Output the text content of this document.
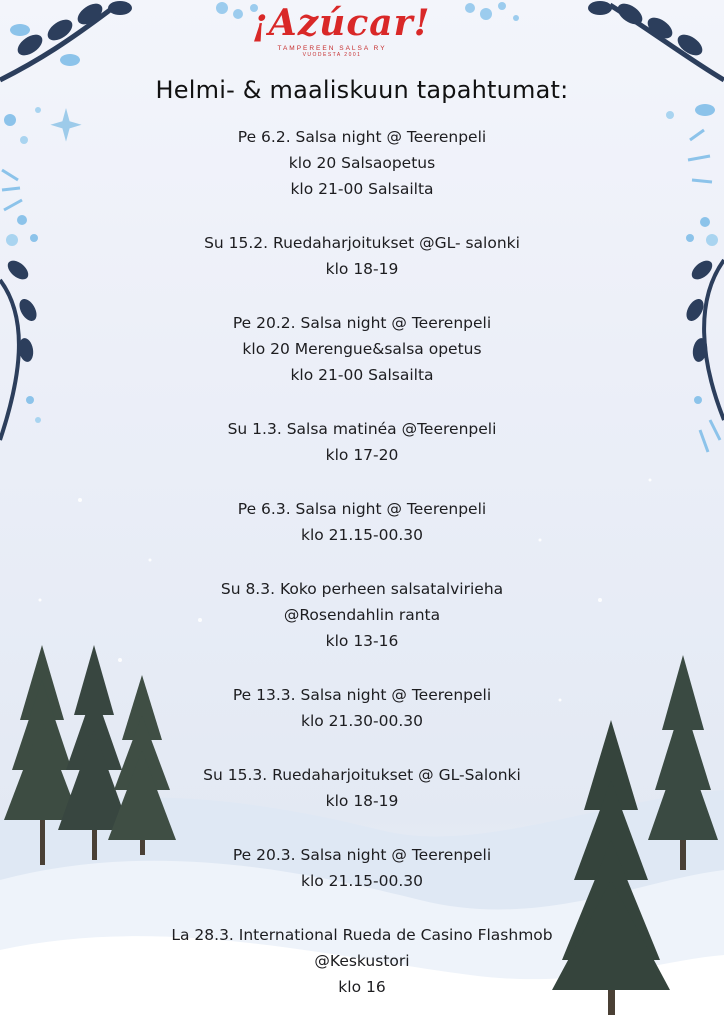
¡Azúcar!
TAMPEREEN SALSA RY
VUODESTA 2001
Helmi- & maaliskuun tapahtumat:
Pe 6.2. Salsa night @ Teerenpeli
klo 20 Salsaopetus
klo 21-00 Salsailta
Su 15.2. Ruedaharjoitukset @GL- salonki
klo 18-19
Pe 20.2. Salsa night @ Teerenpeli
klo 20 Merengue&salsa opetus
klo 21-00 Salsailta
Su 1.3. Salsa matinéa @Teerenpeli
klo 17-20
Pe 6.3. Salsa night @ Teerenpeli
klo 21.15-00.30
Su 8.3. Koko perheen salsatalvirieha
@Rosendahlin ranta
klo 13-16
Pe 13.3. Salsa night @ Teerenpeli
klo 21.30-00.30
Su 15.3. Ruedaharjoitukset @ GL-Salonki
klo 18-19
Pe 20.3. Salsa night @ Teerenpeli
klo 21.15-00.30
La 28.3. International Rueda de Casino Flashmob
@Keskustori
klo 16
